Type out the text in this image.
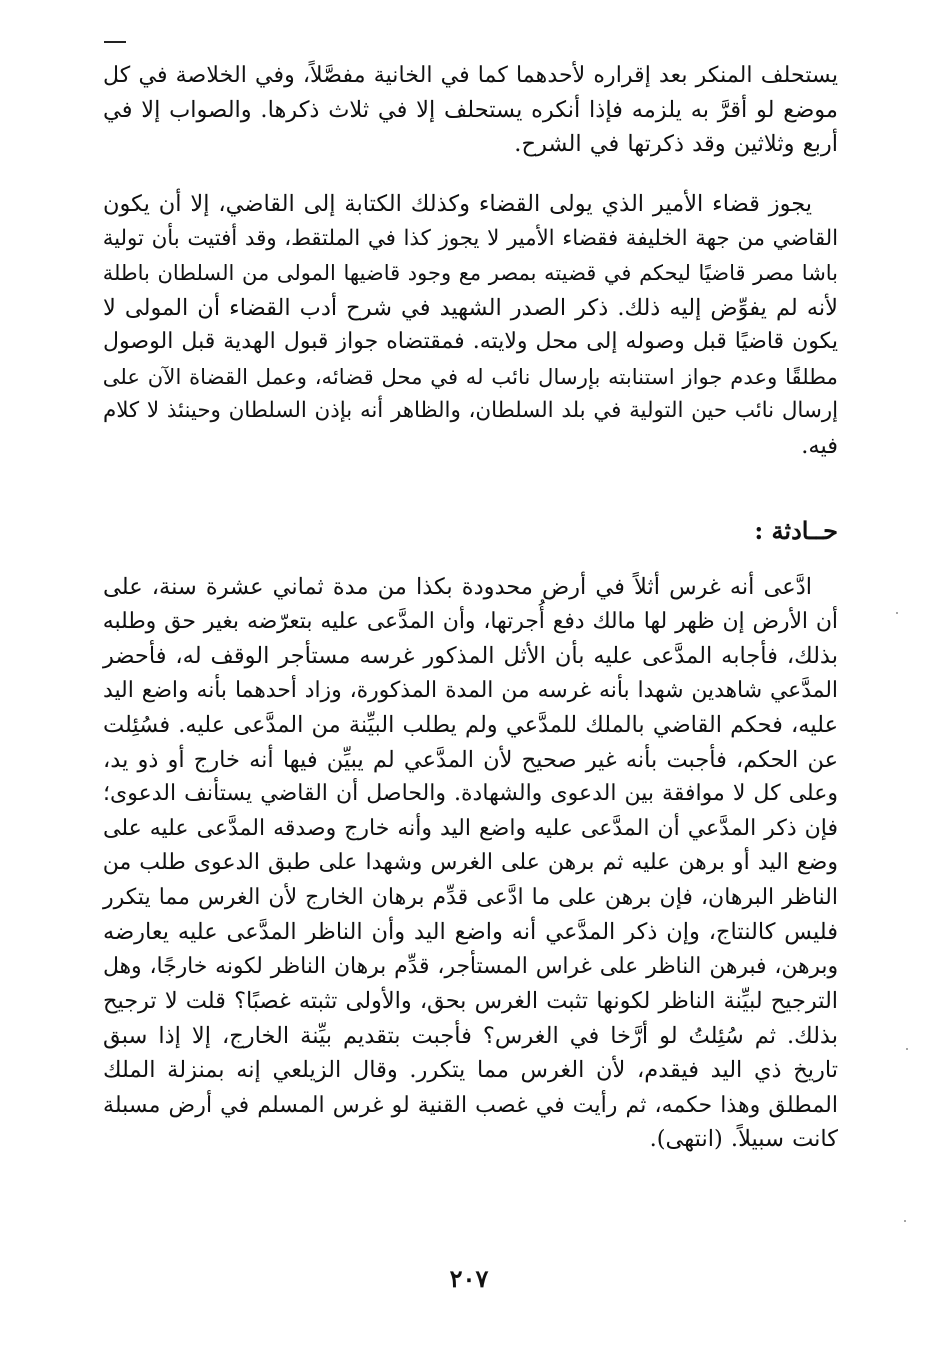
يستحلف المنكر بعد إقراره لأحدهما كما في الخانية مفصَّلاً، وفي الخلاصة في كل
موضع لو أقرَّ به يلزمه فإذا أنكره يستحلف إلا في ثلاث ذكرها. والصواب إلا في
أربع وثلاثين وقد ذكرتها في الشرح.
يجوز قضاء الأمير الذي يولى القضاء وكذلك الكتابة إلى القاضي، إلا أن يكون
القاضي من جهة الخليفة فقضاء الأمير لا يجوز كذا في الملتقط، وقد أفتيت بأن تولية
باشا مصر قاضيًا ليحكم في قضيته بمصر مع وجود قاضيها المولى من السلطان باطلة
لأنه لم يفوِّض إليه ذلك. ذكر الصدر الشهيد في شرح أدب القضاء أن المولى لا
يكون قاضيًا قبل وصوله إلى محل ولايته. فمقتضاه جواز قبول الهدية قبل الوصول
مطلقًا وعدم جواز استنابته بإرسال نائب له في محل قضائه، وعمل القضاة الآن على
إرسال نائب حين التولية في بلد السلطان، والظاهر أنه بإذن السلطان وحينئذ لا كلام
فيه.
حــادثة :
ادَّعى أنه غرس أثلاً في أرض محدودة بكذا من مدة ثماني عشرة سنة، على
أن الأرض إن ظهر لها مالك دفع أُجرتها، وأن المدَّعى عليه بتعرّضه بغير حق وطلبه
بذلك، فأجابه المدَّعى عليه بأن الأثل المذكور غرسه مستأجر الوقف له، فأحضر
المدَّعي شاهدين شهدا بأنه غرسه من المدة المذكورة، وزاد أحدهما بأنه واضع اليد
عليه، فحكم القاضي بالملك للمدَّعي ولم يطلب البيِّنة من المدَّعى عليه. فسُئِلت
عن الحكم، فأجبت بأنه غير صحيح لأن المدَّعي لم يبيِّن فيها أنه خارج أو ذو يد،
وعلى كل لا موافقة بين الدعوى والشهادة. والحاصل أن القاضي يستأنف الدعوى؛
فإن ذكر المدَّعي أن المدَّعى عليه واضع اليد وأنه خارج وصدقه المدَّعى عليه على
وضع اليد أو برهن عليه ثم برهن على الغرس وشهدا على طبق الدعوى طلب من
الناظر البرهان، فإن برهن على ما ادَّعى قدِّم برهان الخارج لأن الغرس مما يتكرر
فليس كالنتاج، وإن ذكر المدَّعي أنه واضع اليد وأن الناظر المدَّعى عليه يعارضه
وبرهن، فبرهن الناظر على غراس المستأجر، قدِّم برهان الناظر لكونه خارجًا، وهل
الترجيح لبيِّنة الناظر لكونها تثبت الغرس بحق، والأولى تثبته غصبًا؟ قلت لا ترجيح
بذلك. ثم سُئِلتُ لو أرَّخا في الغرس؟ فأجبت بتقديم بيِّنة الخارج، إلا إذا سبق
تاريخ ذي اليد فيقدم، لأن الغرس مما يتكرر. وقال الزيلعي إنه بمنزلة الملك
المطلق وهذا حكمه، ثم رأيت في غصب القنية لو غرس المسلم في أرض مسبلة
كانت سبيلاً. (انتهى).
٢٠٧
